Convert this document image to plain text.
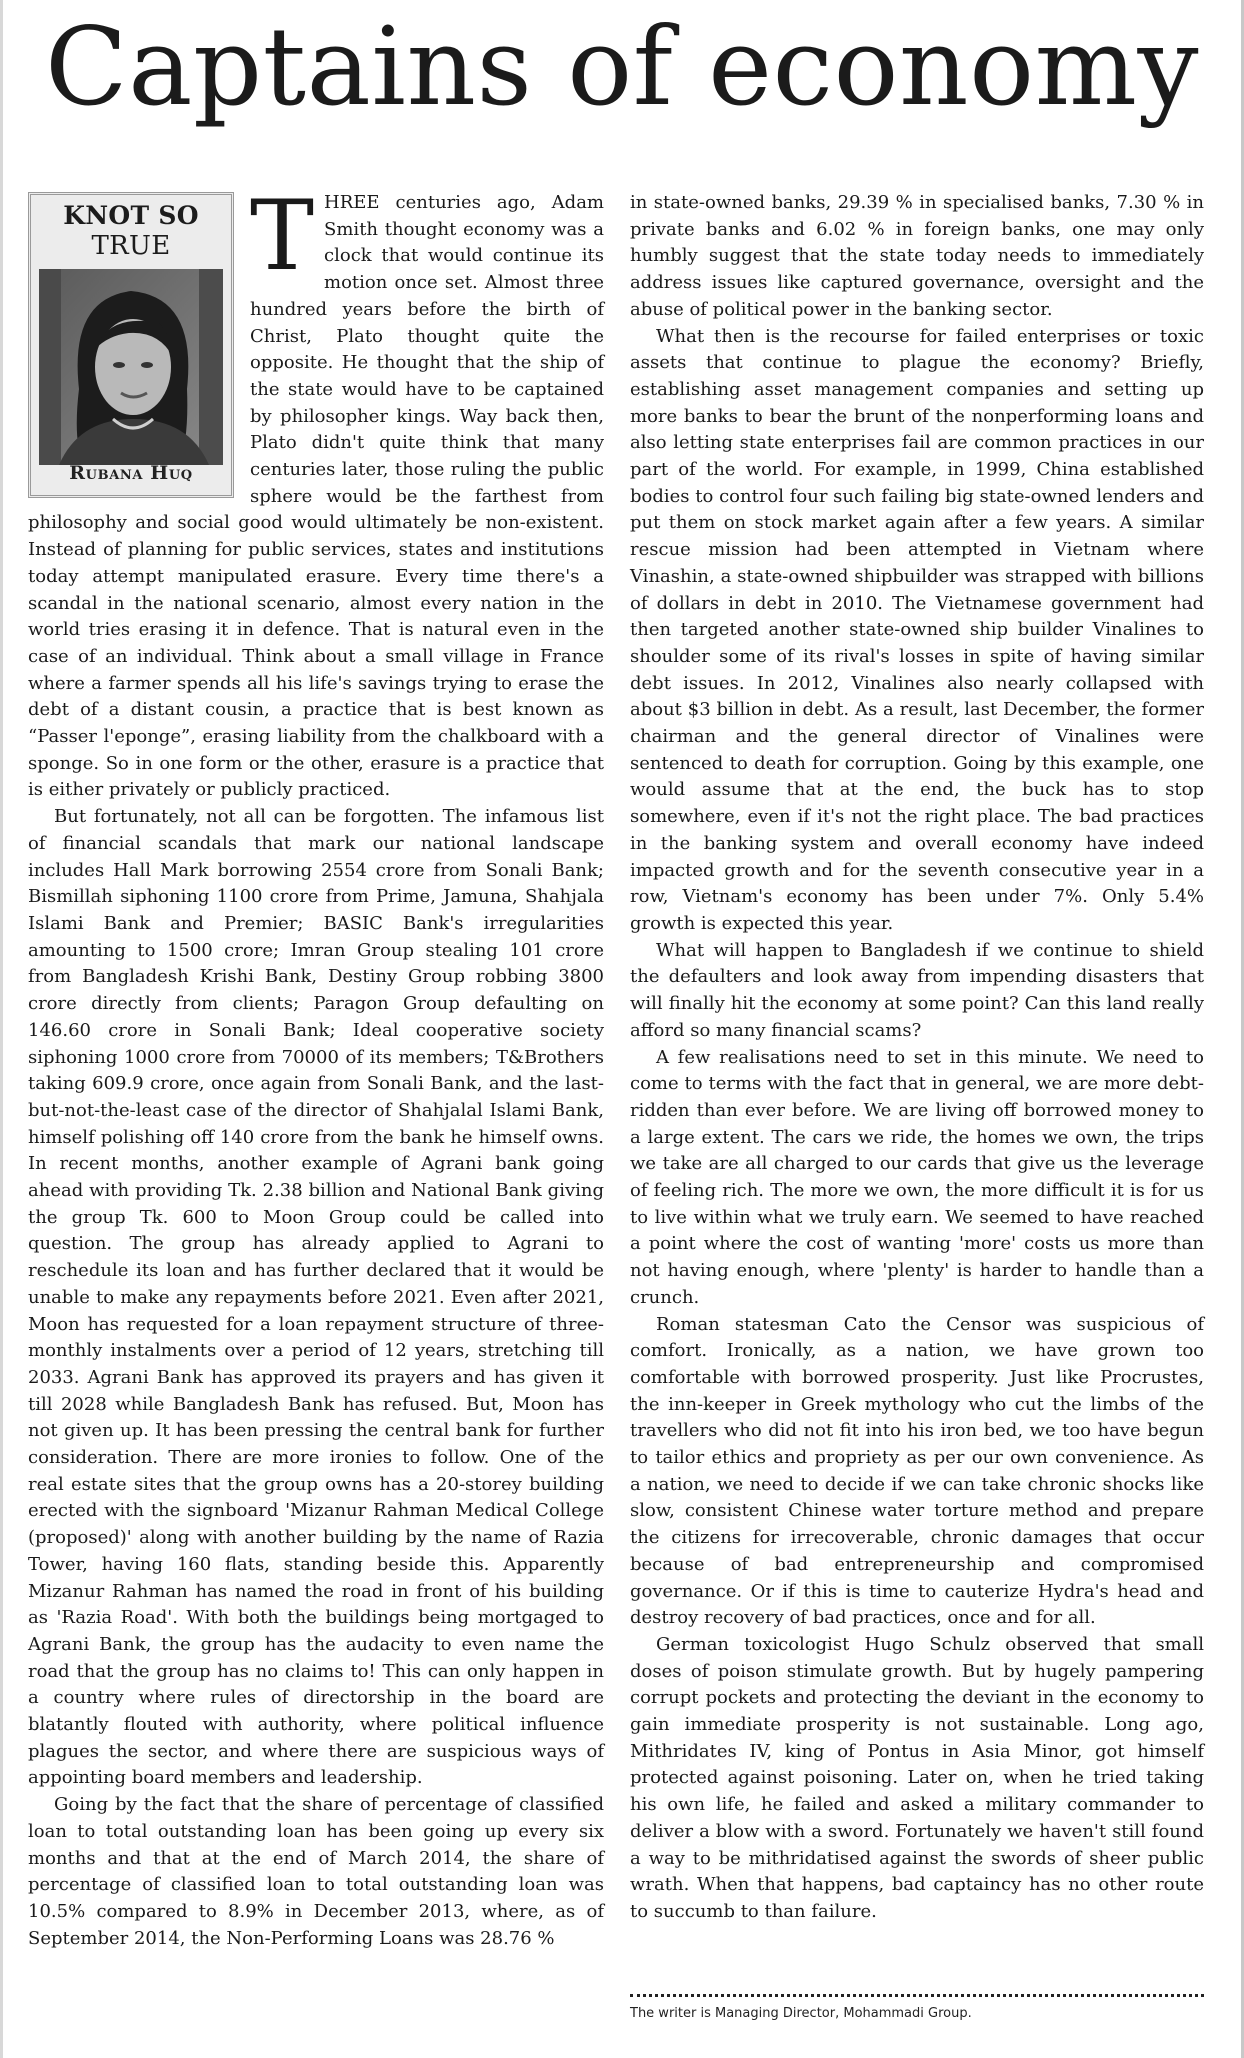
Captains of economy
KNOT SO
TRUE
Rubana Huq
T HREE centuries ago, Adam Smith thought economy was a clock that would continue its motion once set. Almost three hundred years before the birth of Christ, Plato thought quite the opposite. He thought that the ship of the state would have to be captained by philosopher kings. Way back then, Plato didn't quite think that many centuries later, those ruling the public sphere would be the farthest from philosophy and social good would ultimately be non-existent. Instead of planning for public services, states and institutions today attempt manipulated erasure. Every time there's a scandal in the national scenario, almost every nation in the world tries erasing it in defence. That is natural even in the case of an individual. Think about a small village in France where a farmer spends all his life's savings trying to erase the debt of a distant cousin, a practice that is best known as “Passer l'eponge”, erasing liability from the chalkboard with a sponge. So in one form or the other, erasure is a practice that is either privately or publicly practiced.

But fortunately, not all can be forgotten. The infamous list of financial scandals that mark our national landscape includes Hall Mark borrowing 2554 crore from Sonali Bank; Bismillah siphoning 1100 crore from Prime, Jamuna, Shahjala Islami Bank and Premier; BASIC Bank's irregularities amounting to 1500 crore; Imran Group stealing 101 crore from Bangladesh Krishi Bank, Destiny Group robbing 3800 crore directly from clients; Paragon Group defaulting on 146.60 crore in Sonali Bank; Ideal cooperative society siphoning 1000 crore from 70000 of its members; T&Brothers taking 609.9 crore, once again from Sonali Bank, and the last-but-not-the-least case of the director of Shahjalal Islami Bank, himself polishing off 140 crore from the bank he himself owns. In recent months, another example of Agrani bank going ahead with providing Tk. 2.38 billion and National Bank giving the group Tk. 600 to Moon Group could be called into question. The group has already applied to Agrani to reschedule its loan and has further declared that it would be unable to make any repayments before 2021. Even after 2021, Moon has requested for a loan repayment structure of three-monthly instalments over a period of 12 years, stretching till 2033. Agrani Bank has approved its prayers and has given it till 2028 while Bangladesh Bank has refused. But, Moon has not given up. It has been pressing the central bank for further consideration. There are more ironies to follow. One of the real estate sites that the group owns has a 20-storey building erected with the signboard 'Mizanur Rahman Medical College (proposed)' along with another building by the name of Razia Tower, having 160 flats, standing beside this. Apparently Mizanur Rahman has named the road in front of his building as 'Razia Road'. With both the buildings being mortgaged to Agrani Bank, the group has the audacity to even name the road that the group has no claims to! This can only happen in a country where rules of directorship in the board are blatantly flouted with authority, where political influence plagues the sector, and where there are suspicious ways of appointing board members and leadership.

Going by the fact that the share of percentage of classified loan to total outstanding loan has been going up every six months and that at the end of March 2014, the share of percentage of classified loan to total outstanding loan was 10.5% compared to 8.9% in December 2013, where, as of September 2014, the Non-Performing Loans was 28.76 %

in state-owned banks, 29.39 % in specialised banks, 7.30 % in private banks and 6.02 % in foreign banks, one may only humbly suggest that the state today needs to immediately address issues like captured governance, oversight and the abuse of political power in the banking sector.

What then is the recourse for failed enterprises or toxic assets that continue to plague the economy? Briefly, establishing asset management companies and setting up more banks to bear the brunt of the nonperforming loans and also letting state enterprises fail are common practices in our part of the world. For example, in 1999, China established bodies to control four such failing big state-owned lenders and put them on stock market again after a few years. A similar rescue mission had been attempted in Vietnam where Vinashin, a state-owned shipbuilder was strapped with billions of dollars in debt in 2010. The Vietnamese government had then targeted another state-owned ship builder Vinalines to shoulder some of its rival's losses in spite of having similar debt issues. In 2012, Vinalines also nearly collapsed with about $3 billion in debt. As a result, last December, the former chairman and the general director of Vinalines were sentenced to death for corruption. Going by this example, one would assume that at the end, the buck has to stop somewhere, even if it's not the right place. The bad practices in the banking system and overall economy have indeed impacted growth and for the seventh consecutive year in a row, Vietnam's economy has been under 7%. Only 5.4% growth is expected this year.

What will happen to Bangladesh if we continue to shield the defaulters and look away from impending disasters that will finally hit the economy at some point? Can this land really afford so many financial scams?

A few realisations need to set in this minute. We need to come to terms with the fact that in general, we are more debt-ridden than ever before. We are living off borrowed money to a large extent. The cars we ride, the homes we own, the trips we take are all charged to our cards that give us the leverage of feeling rich. The more we own, the more difficult it is for us to live within what we truly earn. We seemed to have reached a point where the cost of wanting 'more' costs us more than not having enough, where 'plenty' is harder to handle than a crunch.

Roman statesman Cato the Censor was suspicious of comfort. Ironically, as a nation, we have grown too comfortable with borrowed prosperity. Just like Procrustes, the inn-keeper in Greek mythology who cut the limbs of the travellers who did not fit into his iron bed, we too have begun to tailor ethics and propriety as per our own convenience. As a nation, we need to decide if we can take chronic shocks like slow, consistent Chinese water torture method and prepare the citizens for irrecoverable, chronic damages that occur because of bad entrepreneurship and compromised governance. Or if this is time to cauterize Hydra's head and destroy recovery of bad practices, once and for all.

German toxicologist Hugo Schulz observed that small doses of poison stimulate growth. But by hugely pampering corrupt pockets and protecting the deviant in the economy to gain immediate prosperity is not sustainable. Long ago, Mithridates IV, king of Pontus in Asia Minor, got himself protected against poisoning. Later on, when he tried taking his own life, he failed and asked a military commander to deliver a blow with a sword. Fortunately we haven't still found a way to be mithridatised against the swords of sheer public wrath. When that happens, bad captaincy has no other route to succumb to than failure.

The writer is Managing Director, Mohammadi Group.
